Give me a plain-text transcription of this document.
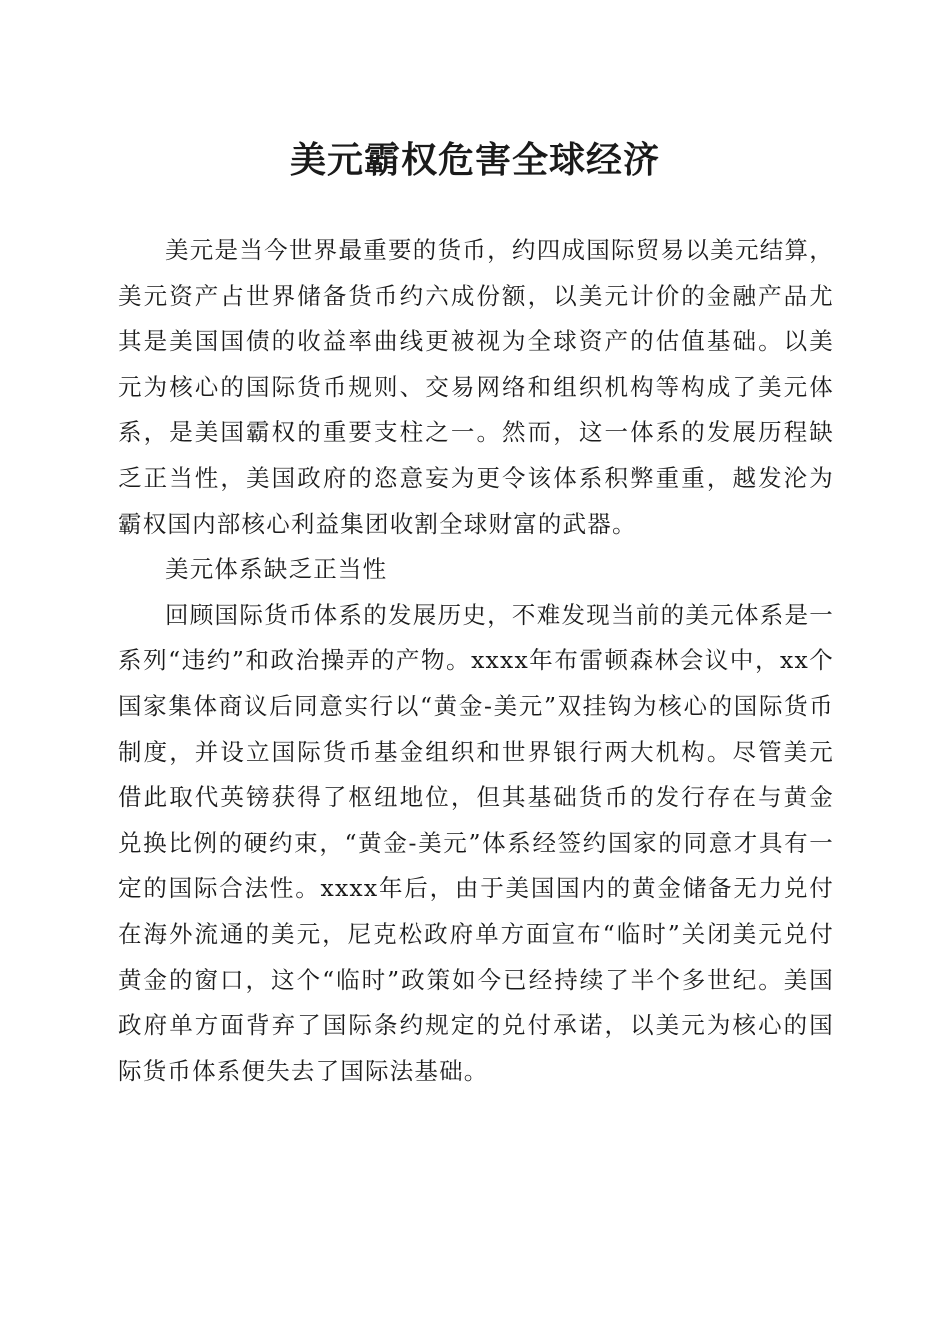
美元霸权危害全球经济

美元是当今世界最重要的货币，约四成国际贸易以美元结算，美元资产占世界储备货币约六成份额，以美元计价的金融产品尤其是美国国债的收益率曲线更被视为全球资产的估值基础。以美元为核心的国际货币规则、交易网络和组织机构等构成了美元体系，是美国霸权的重要支柱之一。然而，这一体系的发展历程缺乏正当性，美国政府的恣意妄为更令该体系积弊重重，越发沦为霸权国内部核心利益集团收割全球财富的武器。

美元体系缺乏正当性

回顾国际货币体系的发展历史，不难发现当前的美元体系是一系列“违约”和政治操弄的产物。xxxx年布雷顿森林会议中，xx个国家集体商议后同意实行以“黄金-美元”双挂钩为核心的国际货币制度，并设立国际货币基金组织和世界银行两大机构。尽管美元借此取代英镑获得了枢纽地位，但其基础货币的发行存在与黄金兑换比例的硬约束，“黄金-美元”体系经签约国家的同意才具有一定的国际合法性。xxxx年后，由于美国国内的黄金储备无力兑付在海外流通的美元，尼克松政府单方面宣布“临时”关闭美元兑付黄金的窗口，这个“临时”政策如今已经持续了半个多世纪。美国政府单方面背弃了国际条约规定的兑付承诺，以美元为核心的国际货币体系便失去了国际法基础。
